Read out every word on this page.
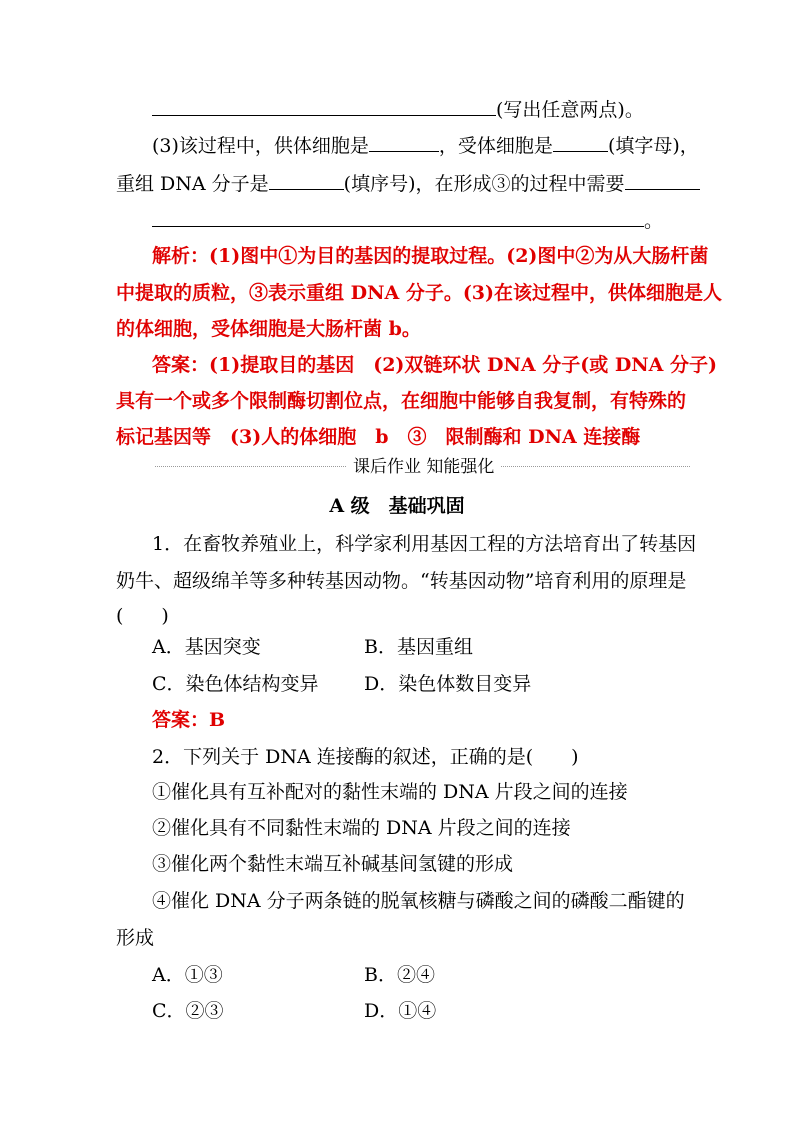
(写出任意两点)。
(3)该过程中，供体细胞是	，受体细胞是	(填字母)，
重组 DNA 分子是	(填序号)，在形成③的过程中需要
。
解析：(1)图中①为目的基因的提取过程。(2)图中②为从大肠杆菌
中提取的质粒，③表示重组 DNA 分子。(3)在该过程中，供体细胞是人
的体细胞，受体细胞是大肠杆菌 b。
答案：(1)提取目的基因　(2)双链环状 DNA 分子(或 DNA 分子)
具有一个或多个限制酶切割位点，在细胞中能够自我复制，有特殊的
标记基因等　(3)人的体细胞　b　③　限制酶和 DNA 连接酶
课后作业 知能强化
A 级　基础巩固
1．在畜牧养殖业上，科学家利用基因工程的方法培育出了转基因
奶牛、超级绵羊等多种转基因动物。“转基因动物”培育利用的原理是
(　　)
A．基因突变	B．基因重组
C．染色体结构变异 D．染色体数目变异
答案：B
2．下列关于 DNA 连接酶的叙述，正确的是(　　)
①催化具有互补配对的黏性末端的 DNA 片段之间的连接
②催化具有不同黏性末端的 DNA 片段之间的连接
③催化两个黏性末端互补碱基间氢键的形成
④催化 DNA 分子两条链的脱氧核糖与磷酸之间的磷酸二酯键的
形成
A．①③	B．②④
C．②③	D．①④
